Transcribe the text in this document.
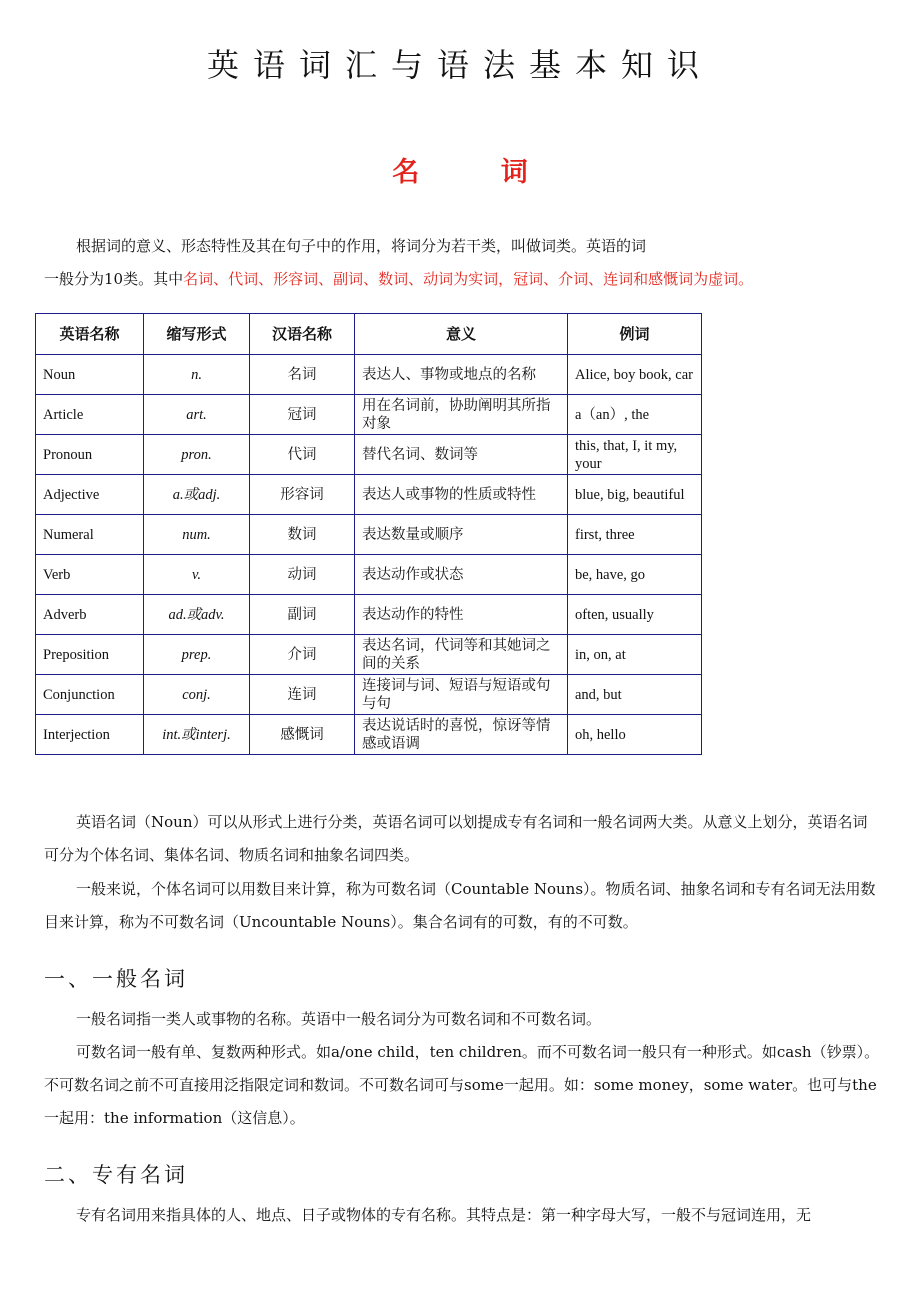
英语词汇与语法基本知识
名 词
根据词的意义、形态特性及其在句子中的作用，将词分为若干类，叫做词类。英语的词
一般分为10类。其中名词、代词、形容词、副词、数词、动词为实词，冠词、介词、连词和感慨词为虚词。
英语名称	缩写形式	汉语名称	意义	例词
Noun	n.	名词	表达人、事物或地点的名称	Alice, boy book, car
Article	art.	冠词	用在名词前，协助阐明其所指对象	a（an）, the
Pronoun	pron.	代词	替代名词、数词等	this, that, I, it my, your
Adjective	a.或adj.	形容词	表达人或事物的性质或特性	blue, big, beautiful
Numeral	num.	数词	表达数量或顺序	first, three
Verb	v.	动词	表达动作或状态	be, have, go
Adverb	ad.或adv.	副词	表达动作的特性	often, usually
Preposition	prep.	介词	表达名词，代词等和其她词之间的关系	in, on, at
Conjunction	conj.	连词	连接词与词、短语与短语或句与句	and, but
Interjection	int.或interj.	感慨词	表达说话时的喜悦，惊讶等情感或语调	oh, hello
英语名词（Noun）可以从形式上进行分类，英语名词可以划提成专有名词和一般名词两大类。从意义上划分，英语名词可分为个体名词、集体名词、物质名词和抽象名词四类。
一般来说，个体名词可以用数目来计算，称为可数名词（Countable Nouns）。物质名词、抽象名词和专有名词无法用数目来计算，称为不可数名词（Uncountable Nouns）。集合名词有的可数，有的不可数。
一、一般名词
一般名词指一类人或事物的名称。英语中一般名词分为可数名词和不可数名词。
可数名词一般有单、复数两种形式。如a/one child，ten children。而不可数名词一般只有一种形式。如cash（钞票）。不可数名词之前不可直接用泛指限定词和数词。不可数名词可与some一起用。如：some money，some water。也可与the一起用：the information（这信息）。
二、专有名词
专有名词用来指具体的人、地点、日子或物体的专有名称。其特点是：第一种字母大写，一般不与冠词连用，无
